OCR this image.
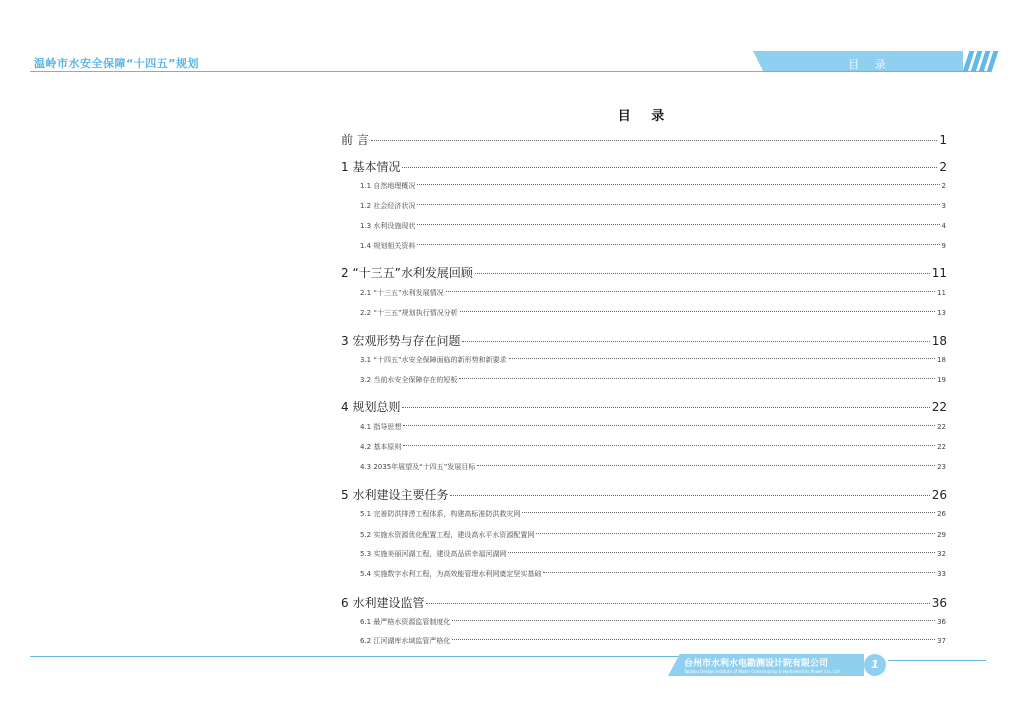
温岭市水安全保障“十四五”规划	目 录
目 录
前 言	1
1 基本情况	2
1.1 自然地理概况	2
1.2 社会经济状况	3
1.3 水利设施现状	4
1.4 规划相关资料	9
2 “十三五”水利发展回顾	11
2.1 “十三五”水利发展情况	11
2.2 “十三五”规划执行情况分析	13
3 宏观形势与存在问题	18
3.1 “十四五”水安全保障面临的新形势和新要求	18
3.2 当前水安全保障存在的短板	19
4 规划总则	22
4.1 指导思想	22
4.2 基本原则	22
4.3 2035年展望及“十四五”发展目标	23
5 水利建设主要任务	26
5.1 完善防洪排涝工程体系，构建高标准防洪救灾网	26
5.2 实施水资源优化配置工程，建设高水平水资源配置网	29
5.3 实施美丽河湖工程，建设高品质幸福河湖网	32
5.4 实施数字水利工程，为高效能管理水利网奠定坚实基础	33
6 水利建设监管	36
6.1 最严格水资源监管制度化	36
6.2 江河湖库水域监管严格化	37
台州市水利水电勘测设计院有限公司
Taizhou Design Institute of Water Conservancy & Hydroelectric Power Co., Ltd.
1
